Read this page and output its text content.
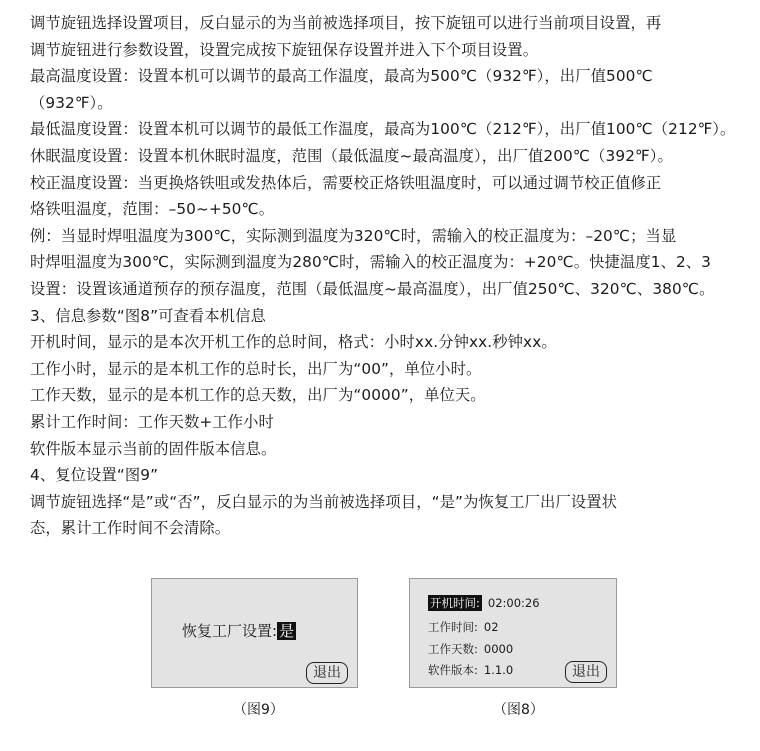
调节旋钮选择设置项目，反白显示的为当前被选择项目，按下旋钮可以进行当前项目设置，再
调节旋钮进行参数设置，设置完成按下旋钮保存设置并进入下个项目设置。
最高温度设置：设置本机可以调节的最高工作温度，最高为500℃（932℉），出厂值500℃
（932℉）。
最低温度设置：设置本机可以调节的最低工作温度，最高为100℃（212℉），出厂值100℃（212℉）。
休眠温度设置：设置本机休眠时温度，范围（最低温度~最高温度），出厂值200℃（392℉）。
校正温度设置：当更换烙铁咀或发热体后，需要校正烙铁咀温度时，可以通过调节校正值修正
烙铁咀温度，范围：–50~+50℃。
例：当显时焊咀温度为300℃，实际测到温度为320℃时，需输入的校正温度为：–20℃；当显
时焊咀温度为300℃，实际测到温度为280℃时，需输入的校正温度为：+20℃。快捷温度1、2、3
设置：设置该通道预存的预存温度，范围（最低温度~最高温度），出厂值250℃、320℃、380℃。
3、信息参数“图8”可查看本机信息
开机时间，显示的是本次开机工作的总时间，格式：小时xx.分钟xx.秒钟xx。
工作小时，显示的是本机工作的总时长，出厂为“00”，单位小时。
工作天数，显示的是本机工作的总天数，出厂为“0000”，单位天。
累计工作时间：工作天数+工作小时
软件版本显示当前的固件版本信息。
4、复位设置“图9”
调节旋钮选择“是”或“否”，反白显示的为当前被选择项目，“是”为恢复工厂出厂设置状
态，累计工作时间不会清除。
恢复工厂设置: 是
退出
开机时间: 02:00:26
工作时间: 02
工作天数: 0000
软件版本: 1.1.0	退出
（图9）	（图8）
